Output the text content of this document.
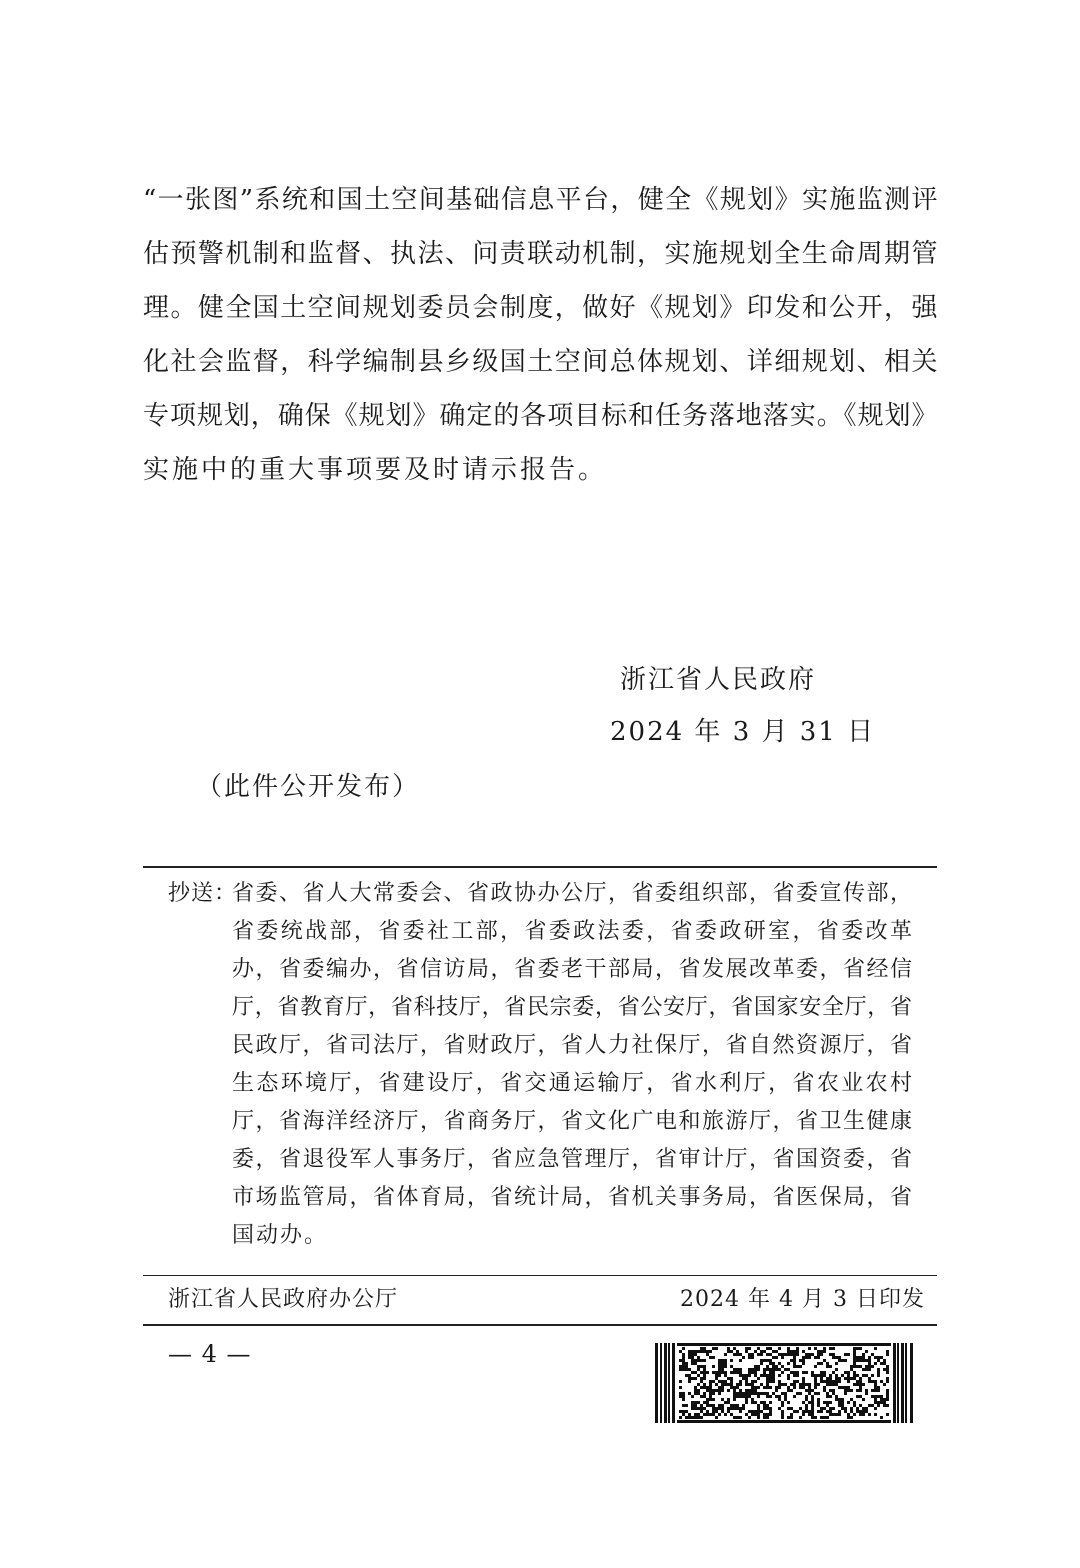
“一张图”系统和国土空间基础信息平台，健全《规划》实施监测评
估预警机制和监督、执法、问责联动机制，实施规划全生命周期管
理。健全国土空间规划委员会制度，做好《规划》印发和公开，强
化社会监督，科学编制县乡级国土空间总体规划、详细规划、相关
专项规划，确保《规划》确定的各项目标和任务落地落实。《规划》
实施中的重大事项要及时请示报告。
浙江省人民政府
2024 年 3 月 31 日
（此件公开发布）
抄送：
省委、省人大常委会、省政协办公厅，省委组织部，省委宣传部，
省委统战部，省委社工部，省委政法委，省委政研室，省委改革
办，省委编办，省信访局，省委老干部局，省发展改革委，省经信
厅，省教育厅，省科技厅，省民宗委，省公安厅，省国家安全厅，省
民政厅，省司法厅，省财政厅，省人力社保厅，省自然资源厅，省
生态环境厅，省建设厅，省交通运输厅，省水利厅，省农业农村
厅，省海洋经济厅，省商务厅，省文化广电和旅游厅，省卫生健康
委，省退役军人事务厅，省应急管理厅，省审计厅，省国资委，省
市场监管局，省体育局，省统计局，省机关事务局，省医保局，省
国动办。
浙江省人民政府办公厅	2024 年 4 月 3 日印发
— 4 —
